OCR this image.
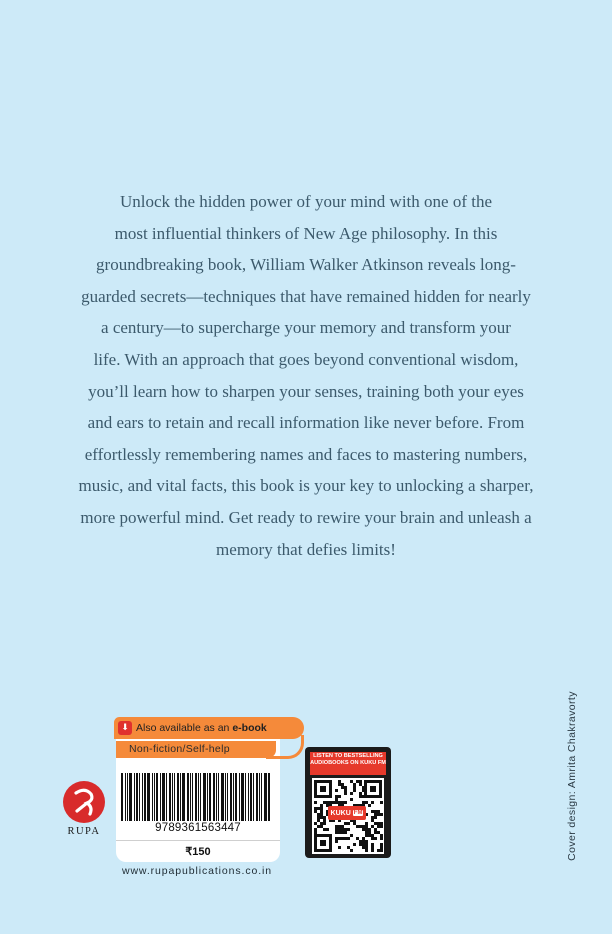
Unlock the hidden power of your mind with one of the
most influential thinkers of New Age philosophy. In this
groundbreaking book, William Walker Atkinson reveals long-
guarded secrets—techniques that have remained hidden for nearly
a century—to supercharge your memory and transform your
life. With an approach that goes beyond conventional wisdom,
you’ll learn how to sharpen your senses, training both your eyes
and ears to retain and recall information like never before. From
effortlessly remembering names and faces to mastering numbers,
music, and vital facts, this book is your key to unlocking a sharper,
more powerful mind. Get ready to rewire your brain and unleash a
memory that defies limits!
RUPA
⬇ Also available as an e-book
Non-fiction/Self-help
9789361563447
₹150
www.rupapublications.co.in
LISTEN TO BESTSELLING AUDIOBOOKS ON KUKU FM
KUKU FM	Cover design: Amrita Chakravorty
